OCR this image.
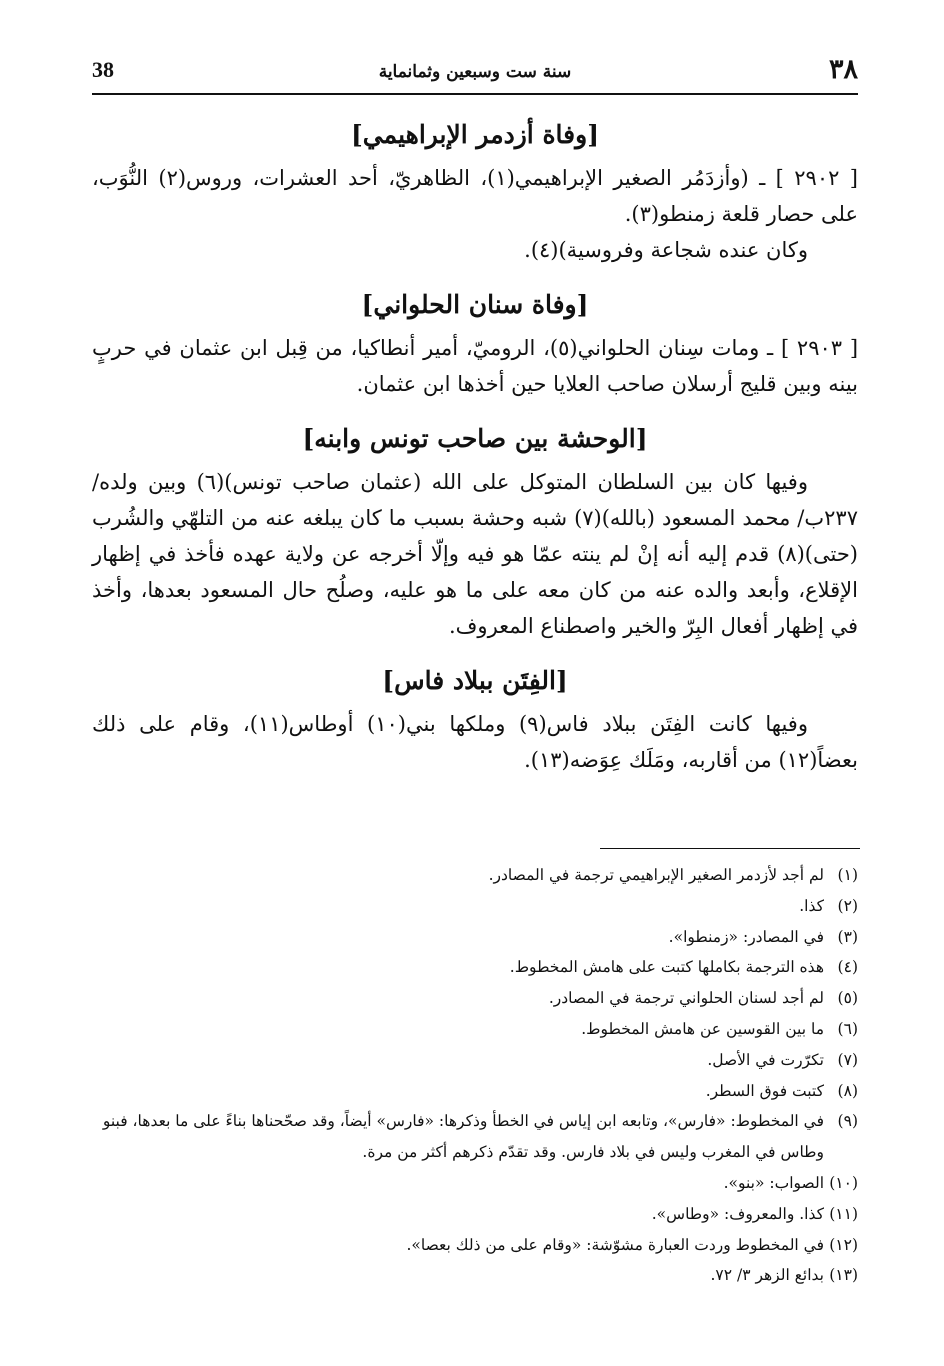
٣٨
سنة ست وسبعين وثمانماية
38
[وفاة أزدمر الإبراهيمي]

[ ٢٩٠٢ ] ـ (وأزدَمُر الصغير الإبراهيمي(١)، الظاهريّ، أحد العشرات، وروس(٢) النُّوَب، على حصار قلعة زمنطو(٣).

وكان عنده شجاعة وفروسية)(٤).

[وفاة سنان الحلواني]

[ ٢٩٠٣ ] ـ ومات سِنان الحلواني(٥)، الروميّ، أمير أنطاكيا، من قِبل ابن عثمان في حربٍ بينه وبين قليج أرسلان صاحب العلايا حين أخذها ابن عثمان.

[الوحشة بين صاحب تونس وابنه]

وفيها كان بين السلطان المتوكل على الله (عثمان صاحب تونس)(٦) وبين ولده/ ٢٣٧ب/ محمد المسعود (بالله)(٧) شبه وحشة بسبب ما كان يبلغه عنه من التلهّي والشُرب (حتى)(٨) قدم إليه أنه إنْ لم ينته عمّا هو فيه وإلّا أخرجه عن ولاية عهده فأخذ في إظهار الإقلاع، وأبعد والده عنه من كان معه على ما هو عليه، وصلُح حال المسعود بعدها، وأخذ في إظهار أفعال البِرّ والخير واصطناع المعروف.

[الفِتَن ببلاد فاس]

وفيها كانت الفِتَن ببلاد فاس(٩) وملكها بني(١٠) أوطاس(١١)، وقام على ذلك بعضاً(١٢) من أقاربه، ومَلَك عِوَضه(١٣).

(١)
لم أجد لأزدمر الصغير الإبراهيمي ترجمة في المصادر.
(٢)
كذا.
(٣)
في المصادر: «زمنطوا».
(٤)
هذه الترجمة بكاملها كتبت على هامش المخطوط.
(٥)
لم أجد لسنان الحلواني ترجمة في المصادر.
(٦)
ما بين القوسين عن هامش المخطوط.
(٧)
تكرّرت في الأصل.
(٨)
كتبت فوق السطر.
(٩)
في المخطوط: «فارس»، وتابعه ابن إياس في الخطأ وذكرها: «فارس» أيضاً، وقد صحّحناها بناءً على ما بعدها، فبنو وطاس في المغرب وليس في بلاد فارس. وقد تقدّم ذكرهم أكثر من مرة.
(١٠)
الصواب: «بنو».
(١١)
كذا. والمعروف: «وطاس».
(١٢)
في المخطوط وردت العبارة مشوّشة: «وقام على من ذلك بعصا».
(١٣)
بدائع الزهر ٣/ ٧٢.
